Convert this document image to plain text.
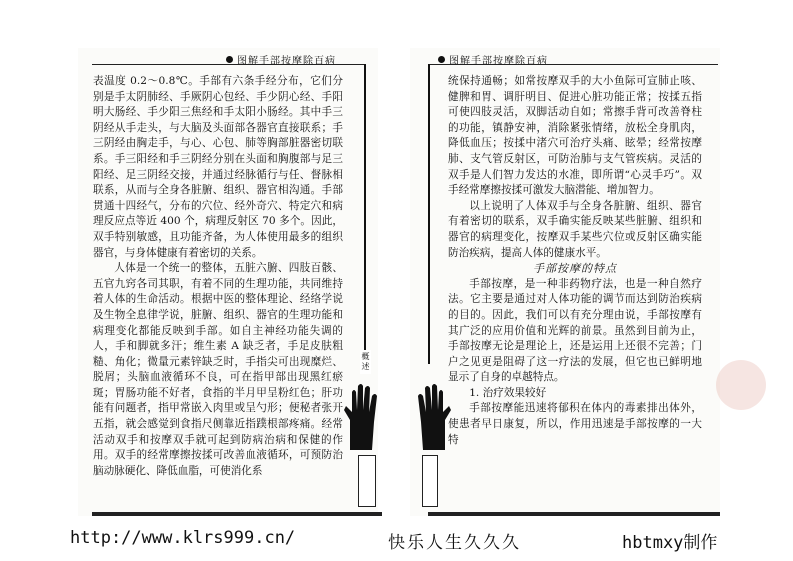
图解手部按摩除百病

表温度 0.2～0.8℃。手部有六条手经分布，它们分别是手太阴肺经、手厥阴心包经、手少阴心经、手阳明大肠经、手少阳三焦经和手太阳小肠经。其中手三阴经从手走头，与大脑及头面部各器官直接联系；手三阴经由胸走手，与心、心包、肺等胸部脏器密切联系。手三阳经和手三阴经分别在头面和胸腹部与足三阳经、足三阴经交接，并通过经脉循行与任、督脉相联系，从而与全身各脏腑、组织、器官相沟通。手部贯通十四经气，分布的穴位、经外奇穴、特定穴和病理反应点等近 400 个，病理反射区 70 多个。因此，双手特别敏感，且功能齐备，为人体使用最多的组织器官，与身体健康有着密切的关系。

人体是一个统一的整体，五脏六腑、四肢百骸、五官九窍各司其职，有着不同的生理功能，共同维持着人体的生命活动。根据中医的整体理论、经络学说及生物全息律学说，脏腑、组织、器官的生理功能和病理变化都能反映到手部。如自主神经功能失调的人，手和脚就多汗；维生素 A 缺乏者，手足皮肤粗糙、角化；微量元素锌缺乏时，手指尖可出现糜烂、脱屑；头脑血液循环不良，可在指甲部出现黑红瘀斑；胃肠功能不好者，食指的半月甲呈粉红色；肝功能有问题者，指甲常嵌入肉里或呈勺形；便秘者张开五指，就会感觉到食指尺侧靠近指蹼根部疼痛。经常活动双手和按摩双手就可起到防病治病和保健的作用。双手的经常摩擦按揉可改善血液循环，可预防治脑动脉硬化、降低血脂，可使消化系

概述
图解手部按摩除百病

统保持通畅；如常按摩双手的大小鱼际可宣肺止咳、健脾和胃、调肝明目、促进心脏功能正常；按揉五指可使四肢灵活，双脚活动自如；常擦手背可改善脊柱的功能，镇静安神，消除紧张情绪，放松全身肌肉，降低血压；按揉中渚穴可治疗头痛、眩晕；经常按摩肺、支气管反射区，可防治肺与支气管疾病。灵活的双手是人们智力发达的水准，即所谓“心灵手巧”。双手经常摩擦按揉可激发大脑潜能、增加智力。

以上说明了人体双手与全身各脏腑、组织、器官有着密切的联系，双手确实能反映某些脏腑、组织和器官的病理变化，按摩双手某些穴位或反射区确实能防治疾病，提高人体的健康水平。

手部按摩的特点

手部按摩，是一种非药物疗法，也是一种自然疗法。它主要是通过对人体功能的调节而达到防治疾病的目的。因此，我们可以有充分理由说，手部按摩有其广泛的应用价值和光辉的前景。虽然到目前为止，手部按摩无论是理论上，还是运用上还很不完善；门户之见更是阻碍了这一疗法的发展，但它也已鲜明地显示了自身的卓越特点。

1. 治疗效果较好

手部按摩能迅速将郁积在体内的毒素排出体外，使患者早日康复，所以，作用迅速是手部按摩的一大特

http://www.klrs999.cn/	快乐人生久久久	hbtmxy制作
